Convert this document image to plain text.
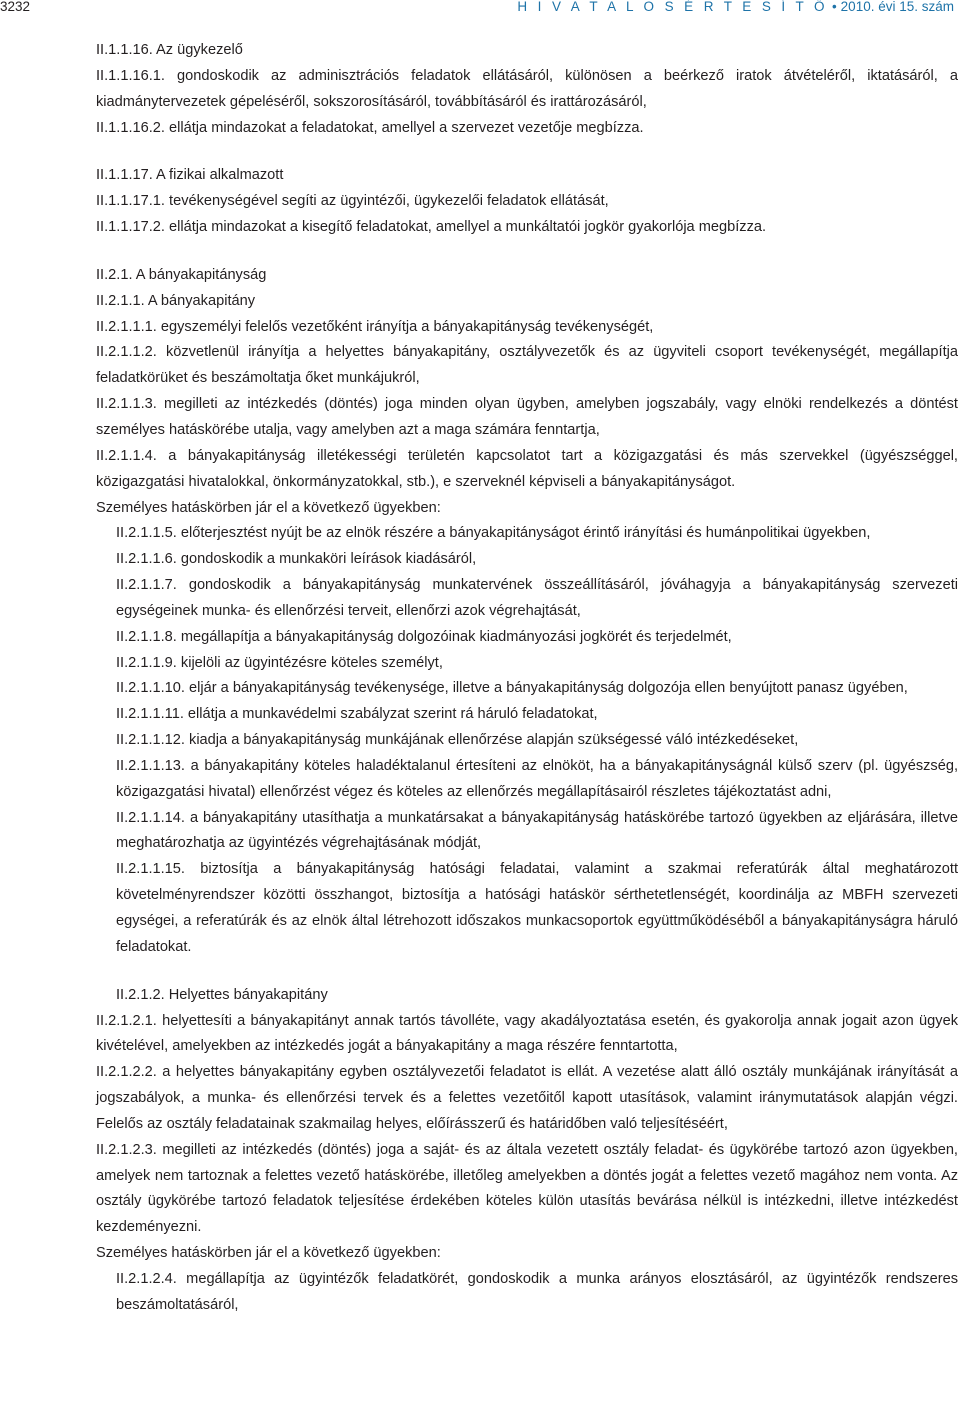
3232	H I V A T A L O S É R T E S Í T Ő • 2010. évi 15. szám

II.1.1.16. Az ügykezelő

II.1.1.16.1. gondoskodik az adminisztrációs feladatok ellátásáról, különösen a beérkező iratok átvételéről, iktatásáról, a kiadmánytervezetek gépeléséről, sokszorosításáról, továbbításáról és irattározásáról,

II.1.1.16.2. ellátja mindazokat a feladatokat, amellyel a szervezet vezetője megbízza.

II.1.1.17. A fizikai alkalmazott

II.1.1.17.1. tevékenységével segíti az ügyintézői, ügykezelői feladatok ellátását,

II.1.1.17.2. ellátja mindazokat a kisegítő feladatokat, amellyel a munkáltatói jogkör gyakorlója megbízza.

II.2.1. A bányakapitányság

II.2.1.1. A bányakapitány

II.2.1.1.1. egyszemélyi felelős vezetőként irányítja a bányakapitányság tevékenységét,

II.2.1.1.2. közvetlenül irányítja a helyettes bányakapitány, osztályvezetők és az ügyviteli csoport tevékenységét, megállapítja feladatkörüket és beszámoltatja őket munkájukról,

II.2.1.1.3. megilleti az intézkedés (döntés) joga minden olyan ügyben, amelyben jogszabály, vagy elnöki rendelkezés a döntést személyes hatáskörébe utalja, vagy amelyben azt a maga számára fenntartja,

II.2.1.1.4. a bányakapitányság illetékességi területén kapcsolatot tart a közigazgatási és más szervekkel (ügyészséggel, közigazgatási hivatalokkal, önkormányzatokkal, stb.), e szerveknél képviseli a bányakapitányságot.

Személyes hatáskörben jár el a következő ügyekben:

II.2.1.1.5. előterjesztést nyújt be az elnök részére a bányakapitányságot érintő irányítási és humánpolitikai ügyekben,

II.2.1.1.6. gondoskodik a munkaköri leírások kiadásáról,

II.2.1.1.7. gondoskodik a bányakapitányság munkatervének összeállításáról, jóváhagyja a bányakapitányság szervezeti egységeinek munka- és ellenőrzési terveit, ellenőrzi azok végrehajtását,

II.2.1.1.8. megállapítja a bányakapitányság dolgozóinak kiadmányozási jogkörét és terjedelmét,

II.2.1.1.9. kijelöli az ügyintézésre köteles személyt,

II.2.1.1.10. eljár a bányakapitányság tevékenysége, illetve a bányakapitányság dolgozója ellen benyújtott panasz ügyében,

II.2.1.1.11. ellátja a munkavédelmi szabályzat szerint rá háruló feladatokat,

II.2.1.1.12. kiadja a bányakapitányság munkájának ellenőrzése alapján szükségessé váló intézkedéseket,

II.2.1.1.13. a bányakapitány köteles haladéktalanul értesíteni az elnököt, ha a bányakapitányságnál külső szerv (pl. ügyészség, közigazgatási hivatal) ellenőrzést végez és köteles az ellenőrzés megállapításairól részletes tájékoztatást adni,

II.2.1.1.14. a bányakapitány utasíthatja a munkatársakat a bányakapitányság hatáskörébe tartozó ügyekben az eljárására, illetve meghatározhatja az ügyintézés végrehajtásának módját,

II.2.1.1.15. biztosítja a bányakapitányság hatósági feladatai, valamint a szakmai referatúrák által meghatározott követelményrendszer közötti összhangot, biztosítja a hatósági hatáskör sérthetetlenségét, koordinálja az MBFH szervezeti egységei, a referatúrák és az elnök által létrehozott időszakos munkacsoportok együttműködéséből a bányakapitányságra háruló feladatokat.

II.2.1.2. Helyettes bányakapitány

II.2.1.2.1. helyettesíti a bányakapitányt annak tartós távolléte, vagy akadályoztatása esetén, és gyakorolja annak jogait azon ügyek kivételével, amelyekben az intézkedés jogát a bányakapitány a maga részére fenntartotta,

II.2.1.2.2. a helyettes bányakapitány egyben osztályvezetői feladatot is ellát. A vezetése alatt álló osztály munkájának irányítását a jogszabályok, a munka- és ellenőrzési tervek és a felettes vezetőitől kapott utasítások, valamint iránymutatások alapján végzi. Felelős az osztály feladatainak szakmailag helyes, előírásszerű és határidőben való teljesítéséért,

II.2.1.2.3. megilleti az intézkedés (döntés) joga a saját- és az általa vezetett osztály feladat- és ügykörébe tartozó azon ügyekben, amelyek nem tartoznak a felettes vezető hatáskörébe, illetőleg amelyekben a döntés jogát a felettes vezető magához nem vonta. Az osztály ügykörébe tartozó feladatok teljesítése érdekében köteles külön utasítás bevárása nélkül is intézkedni, illetve intézkedést kezdeményezni.

Személyes hatáskörben jár el a következő ügyekben:

II.2.1.2.4. megállapítja az ügyintézők feladatkörét, gondoskodik a munka arányos elosztásáról, az ügyintézők rendszeres beszámoltatásáról,
